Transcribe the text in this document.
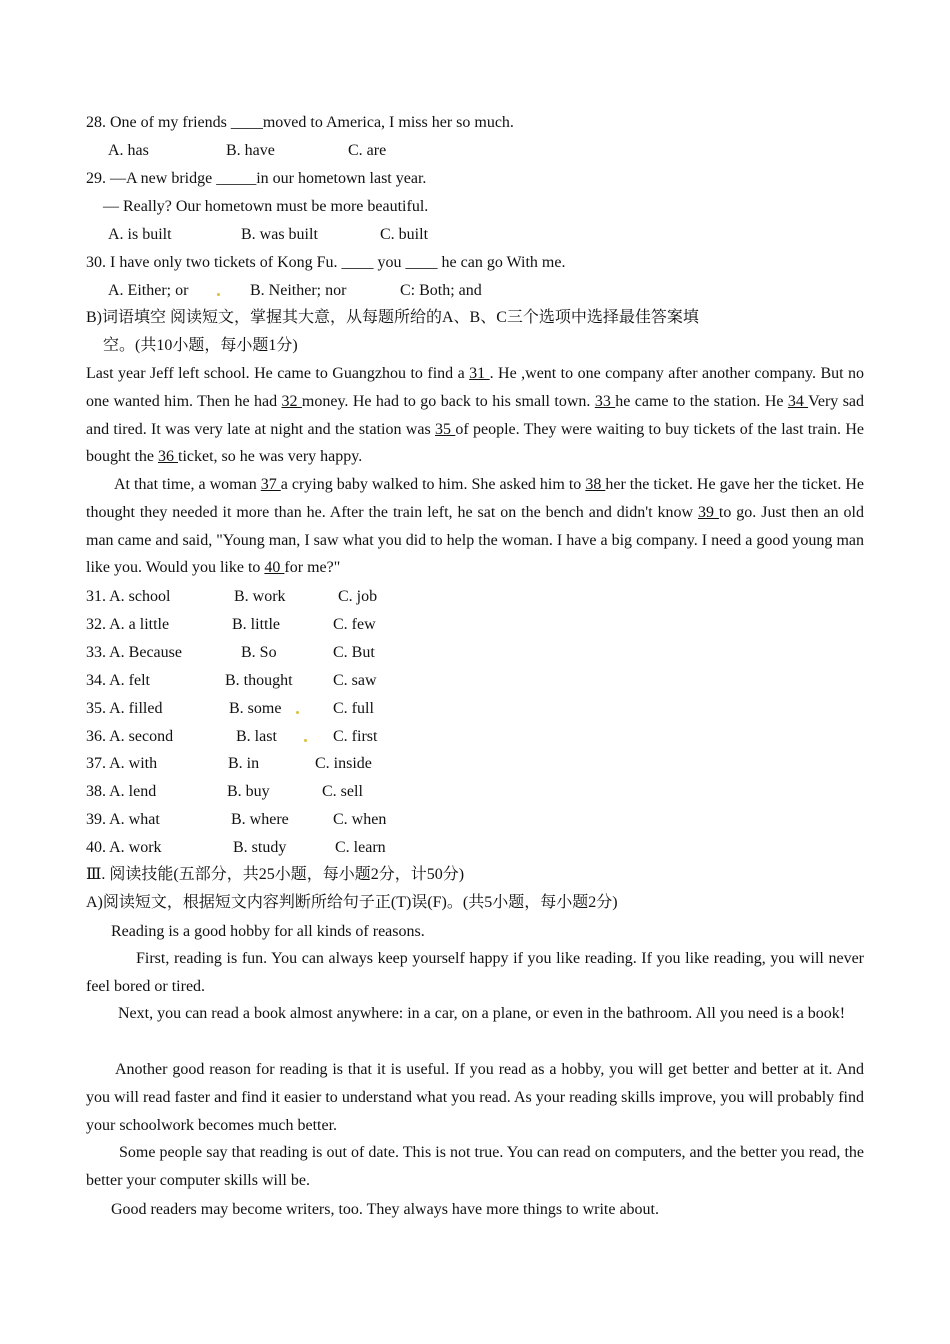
28. One of my friends ____moved to America, I miss her so much.
A. has	B. have	C. are
29. —A new bridge _____in our hometown last year.
— Really? Our hometown must be more beautiful.
A. is built	B. was built	C. built
30. I have only two tickets of Kong Fu. ____ you ____ he can go With me.
A. Either; or	B. Neither; nor	C: Both; and
B)词语填空 阅读短文，掌握其大意，从每题所给的A、B、C三个选项中选择最佳答案填
空。(共10小题，每小题1分)
Last year Jeff left school. He came to Guangzhou to find a 31 . He ,went to one company after another company. But no one wanted him. Then he had 32 money. He had to go back to his small town. 33 he came to the station. He 34 Very sad and tired. It was very late at night and the station was 35 of people. They were waiting to buy tickets of the last train. He bought the 36 ticket, so he was very happy.
At that time, a woman 37 a crying baby walked to him. She asked him to 38 her the ticket. He gave her the ticket. He thought they needed it more than he. After the train left, he sat on the bench and didn't know 39 to go. Just then an old man came and said, "Young man, I saw what you did to help the woman. I have a big company. I need a good young man like you. Would you like to 40 for me?"
31. A. school	B. work	C. job
32. A. a little	B. little	C. few
33. A. Because	B. So	C. But
34. A. felt	B. thought	C. saw
35. A. filled	B. some	C. full
36. A. second	B. last	C. first
37. A. with	B. in	C. inside
38. A. lend	B. buy	C. sell
39. A. what	B. where	C. when
40. A. work	B. study	C. learn
Ⅲ. 阅读技能(五部分，共25小题，每小题2分，计50分)
A)阅读短文，根据短文内容判断所给句子正(T)误(F)。(共5小题，每小题2分)
Reading is a good hobby for all kinds of reasons.
First, reading is fun. You can always keep yourself happy if you like reading. If you like reading, you will never feel bored or tired.
Next, you can read a book almost anywhere: in a car, on a plane, or even in the bathroom. All you need is a book!
Another good reason for reading is that it is useful. If you read as a hobby, you will get better and better at it. And you will read faster and find it easier to understand what you read. As your reading skills improve, you will probably find your schoolwork becomes much better.
Some people say that reading is out of date. This is not true. You can read on computers, and the better you read, the better your computer skills will be.
Good readers may become writers, too. They always have more things to write about.
